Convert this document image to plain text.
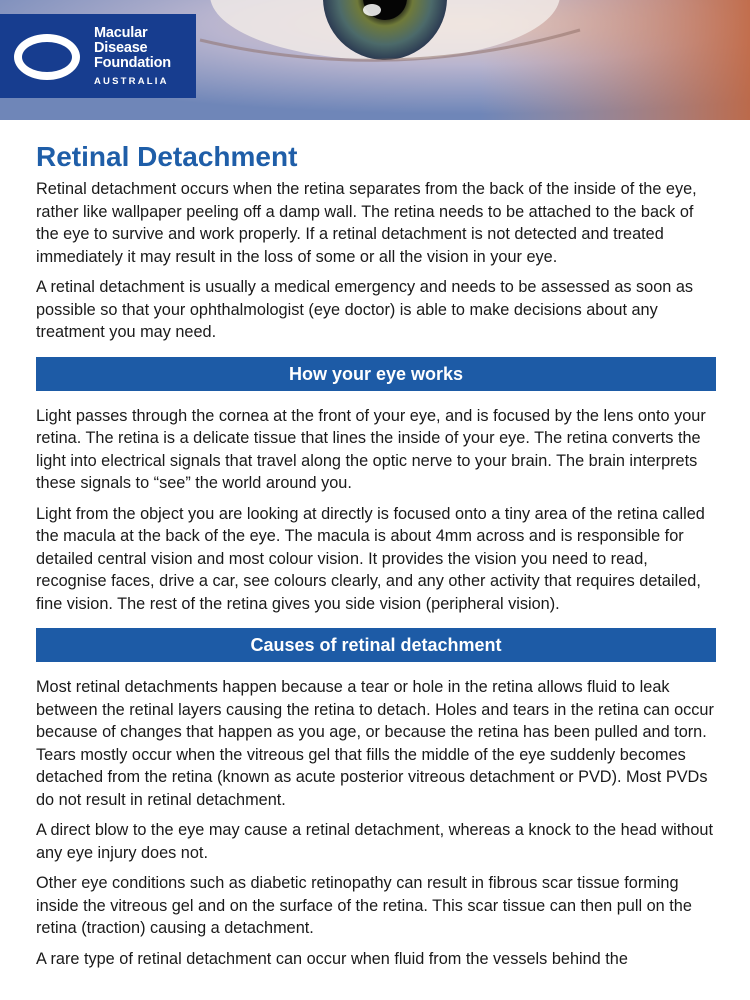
Macular
Disease
Foundation
AUSTRALIA
Retinal Detachment

Retinal detachment occurs when the retina separates from the back of the inside of the eye, rather like wallpaper peeling off a damp wall. The retina needs to be attached to the back of the eye to survive and work properly. If a retinal detachment is not detected and treated immediately it may result in the loss of some or all the vision in your eye.

A retinal detachment is usually a medical emergency and needs to be assessed as soon as possible so that your ophthalmologist (eye doctor) is able to make decisions about any treatment you may need.

How your eye works

Light passes through the cornea at the front of your eye, and is focused by the lens onto your retina. The retina is a delicate tissue that lines the inside of your eye. The retina converts the light into electrical signals that travel along the optic nerve to your brain. The brain interprets these signals to “see” the world around you.

Light from the object you are looking at directly is focused onto a tiny area of the retina called the macula at the back of the eye. The macula is about 4mm across and is responsible for detailed central vision and most colour vision. It provides the vision you need to read, recognise faces, drive a car, see colours clearly, and any other activity that requires detailed, fine vision. The rest of the retina gives you side vision (peripheral vision).

Causes of retinal detachment

Most retinal detachments happen because a tear or hole in the retina allows fluid to leak between the retinal layers causing the retina to detach. Holes and tears in the retina can occur because of changes that happen as you age, or because the retina has been pulled and torn. Tears mostly occur when the vitreous gel that fills the middle of the eye suddenly becomes detached from the retina (known as acute posterior vitreous detachment or PVD). Most PVDs do not result in retinal detachment.

A direct blow to the eye may cause a retinal detachment, whereas a knock to the head without any eye injury does not.

Other eye conditions such as diabetic retinopathy can result in fibrous scar tissue forming inside the vitreous gel and on the surface of the retina. This scar tissue can then pull on the retina (traction) causing a detachment.

A rare type of retinal detachment can occur when fluid from the vessels behind the
